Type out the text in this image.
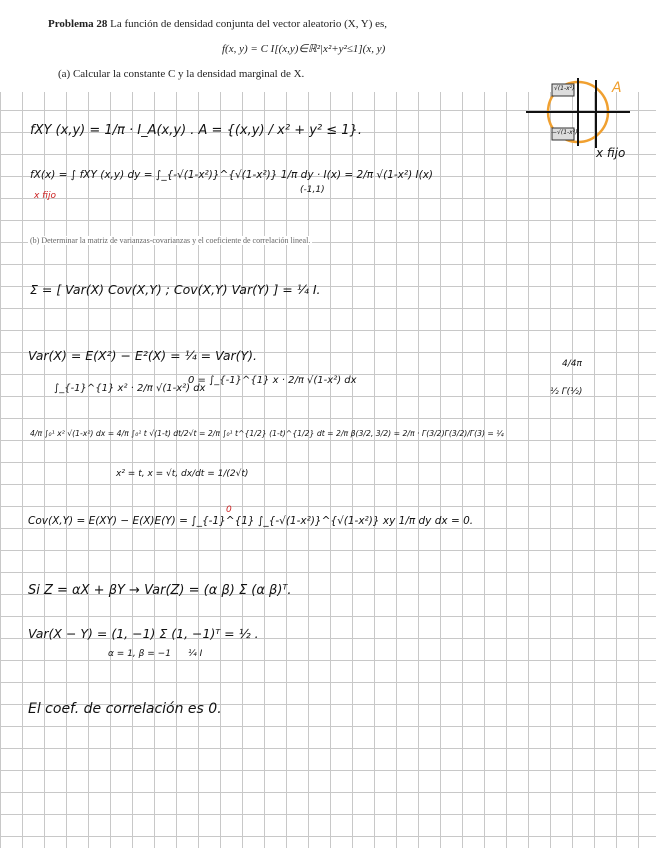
Problema 28 La función de densidad conjunta del vector aleatorio (X, Y) es,
f(x, y) = C I[(x,y)∈ℝ²|x²+y²≤1](x, y)
(a) Calcular la constante C y la densidad marginal de X.
(b) Determinar la matriz de varianzas-covarianzas y el coeficiente de correlación lineal.
A
√(1-x²)
−√(1-x²)
x fijo
fXY (x,y) = 1/π · I_A(x,y) . A = {(x,y) / x² + y² ≤ 1}.
fX(x) = ∫ fXY (x,y) dy = ∫_{-√(1-x²)}^{√(1-x²)} 1/π dy · I(x) = 2/π √(1-x²) I(x)
(-1,1)
x fijo
Σ = [ Var(X) Cov(X,Y) ; Cov(X,Y) Var(Y) ] = ¼ I.
Var(X) = E(X²) − E²(X) = ¼ = Var(Y).
∫_{-1}^{1} x² · 2/π √(1-x²) dx
0 = ∫_{-1}^{1} x · 2/π √(1-x²) dx
4/4π
½ Γ(½)
4/π ∫₀¹ x² √(1-x²) dx = 4/π ∫₀¹ t √(1-t) dt/2√t = 2/π ∫₀¹ t^{1/2} (1-t)^{1/2} dt = 2/π β(3/2, 3/2) = 2/π · Γ(3/2)Γ(3/2)/Γ(3) = ¼
x² = t, x = √t, dx/dt = 1/(2√t)
Cov(X,Y) = E(XY) − E(X)E(Y) = ∫_{-1}^{1} ∫_{-√(1-x²)}^{√(1-x²)} xy 1/π dy dx = 0.
0
Si Z = αX + βY → Var(Z) = (α β) Σ (α β)ᵀ.
Var(X − Y) = (1, −1) Σ (1, −1)ᵀ = ½ .
α = 1, β = −1 ¼ I
El coef. de correlación es 0.
